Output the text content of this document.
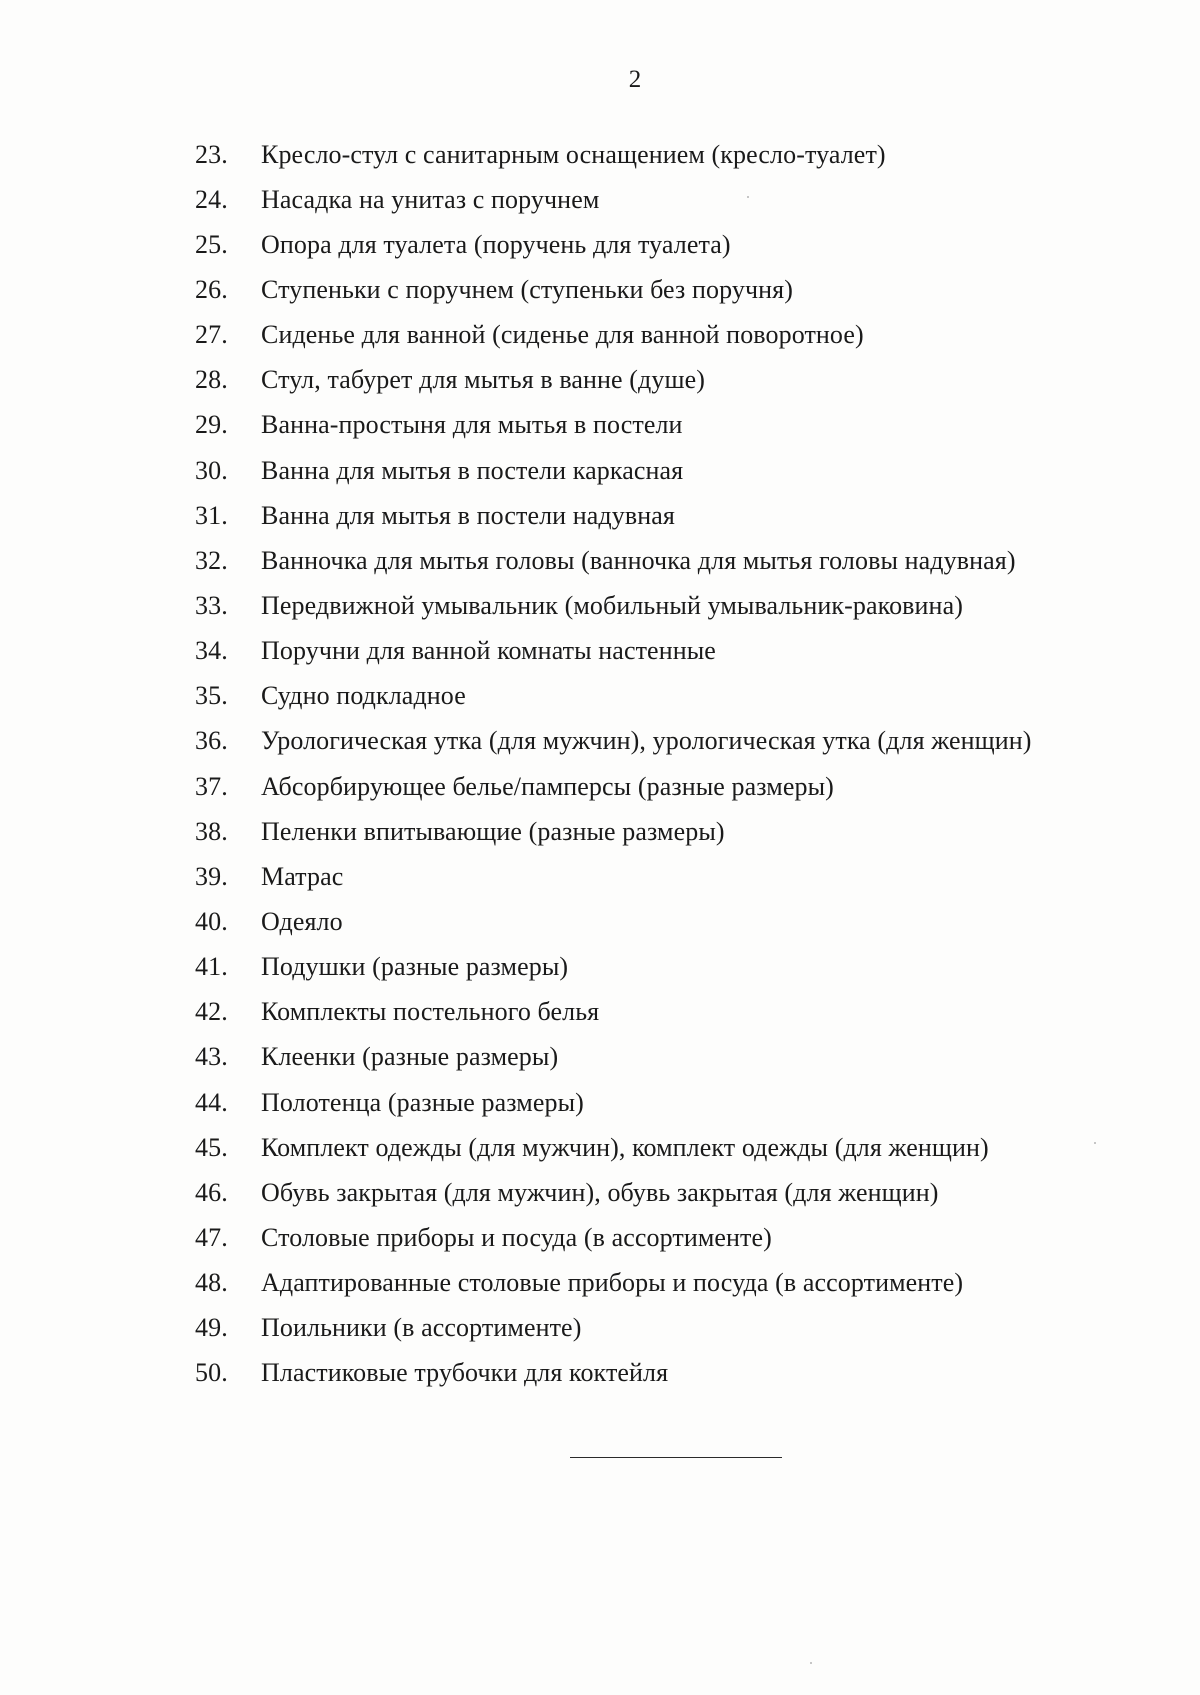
2
23.	Кресло-стул с санитарным оснащением (кресло-туалет)
24.	Насадка на унитаз с поручнем
25.	Опора для туалета (поручень для туалета)
26.	Ступеньки с поручнем (ступеньки без поручня)
27.	Сиденье для ванной (сиденье для ванной поворотное)
28.	Стул, табурет для мытья в ванне (душе)
29.	Ванна-простыня для мытья в постели
30.	Ванна для мытья в постели каркасная
31.	Ванна для мытья в постели надувная
32.	Ванночка для мытья головы (ванночка для мытья головы надувная)
33.	Передвижной умывальник (мобильный умывальник-раковина)
34.	Поручни для ванной комнаты настенные
35.	Судно подкладное
36.	Урологическая утка (для мужчин), урологическая утка (для женщин)
37.	Абсорбирующее белье/памперсы (разные размеры)
38.	Пеленки впитывающие (разные размеры)
39.	Матрас
40.	Одеяло
41.	Подушки (разные размеры)
42.	Комплекты постельного белья
43.	Клеенки (разные размеры)
44.	Полотенца (разные размеры)
45.	Комплект одежды (для мужчин), комплект одежды (для женщин)
46.	Обувь закрытая (для мужчин), обувь закрытая (для женщин)
47.	Столовые приборы и посуда (в ассортименте)
48.	Адаптированные столовые приборы и посуда (в ассортименте)
49.	Поильники (в ассортименте)
50.	Пластиковые трубочки для коктейля
